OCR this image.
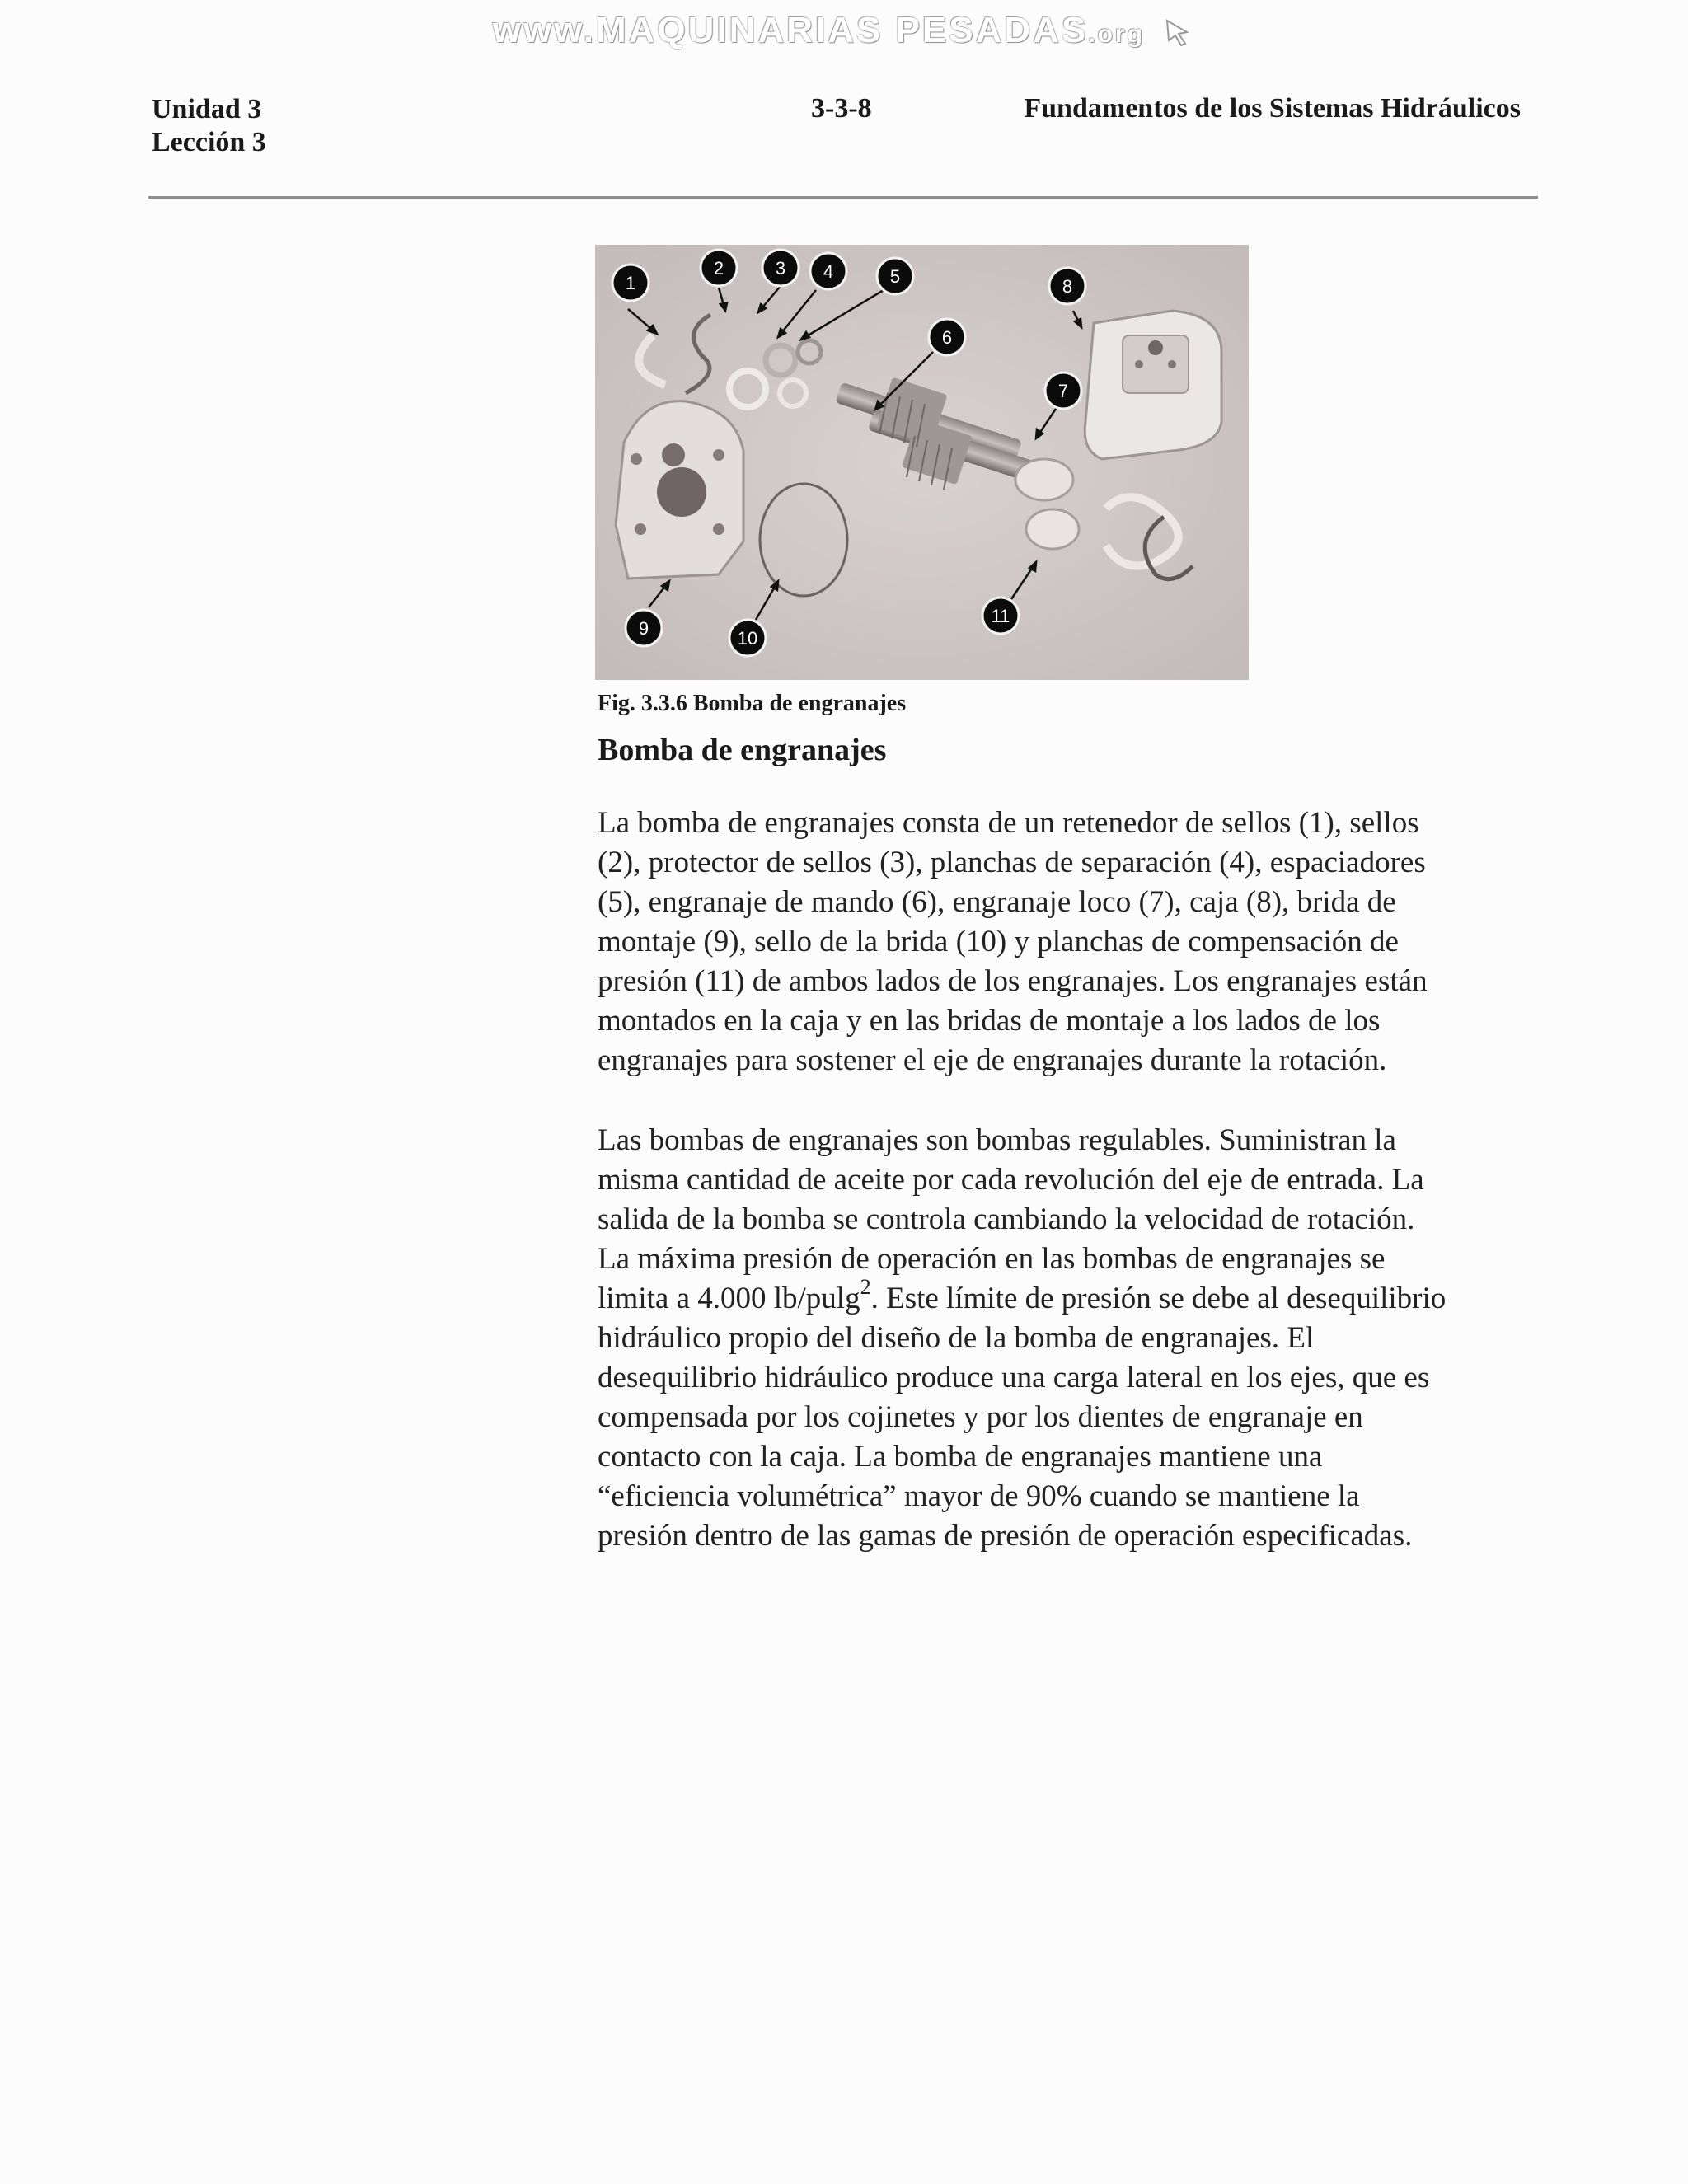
www.MAQUINARIAS PESADAS.org
Unidad 3
Lección 3
3-3-8	Fundamentos de los Sistemas Hidráulicos
1
2	3 4	5
6
7
8
9	10
11
Fig. 3.3.6 Bomba de engranajes
Bomba de engranajes

La bomba de engranajes consta de un retenedor de sellos (1), sellos
(2), protector de sellos (3), planchas de separación (4), espaciadores
(5), engranaje de mando (6), engranaje loco (7), caja (8), brida de
montaje (9), sello de la brida (10) y planchas de compensación de
presión (11) de ambos lados de los engranajes. Los engranajes están
montados en la caja y en las bridas de montaje a los lados de los
engranajes para sostener el eje de engranajes durante la rotación.

Las bombas de engranajes son bombas regulables. Suministran la
misma cantidad de aceite por cada revolución del eje de entrada. La
salida de la bomba se controla cambiando la velocidad de rotación.
La máxima presión de operación en las bombas de engranajes se
limita a 4.000 lb/pulg$^2$. Este límite de presión se debe al desequilibrio
hidráulico propio del diseño de la bomba de engranajes. El
desequilibrio hidráulico produce una carga lateral en los ejes, que es
compensada por los cojinetes y por los dientes de engranaje en
contacto con la caja. La bomba de engranajes mantiene una
“eficiencia volumétrica” mayor de 90% cuando se mantiene la
presión dentro de las gamas de presión de operación especificadas.
